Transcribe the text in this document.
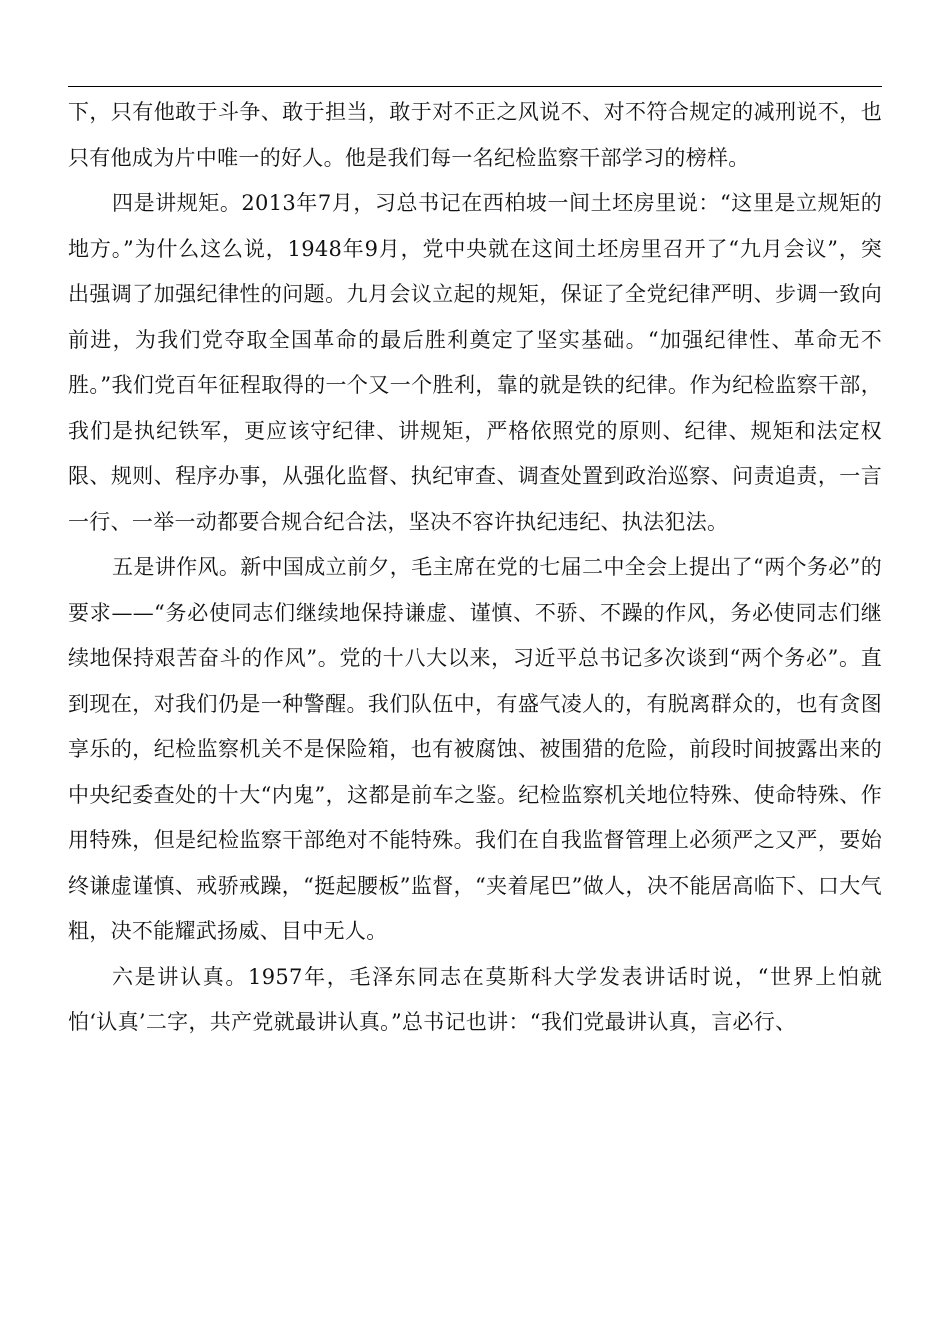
下，只有他敢于斗争、敢于担当，敢于对不正之风说不、对不符合规定的减刑说不，也只有他成为片中唯一的好人。他是我们每一名纪检监察干部学习的榜样。

四是讲规矩。2013年7月，习总书记在西柏坡一间土坯房里说：“这里是立规矩的地方。”为什么这么说，1948年9月，党中央就在这间土坯房里召开了“九月会议”，突出强调了加强纪律性的问题。九月会议立起的规矩，保证了全党纪律严明、步调一致向前进，为我们党夺取全国革命的最后胜利奠定了坚实基础。“加强纪律性、革命无不胜。”我们党百年征程取得的一个又一个胜利，靠的就是铁的纪律。作为纪检监察干部，我们是执纪铁军，更应该守纪律、讲规矩，严格依照党的原则、纪律、规矩和法定权限、规则、程序办事，从强化监督、执纪审查、调查处置到政治巡察、问责追责，一言一行、一举一动都要合规合纪合法，坚决不容许执纪违纪、执法犯法。

五是讲作风。新中国成立前夕，毛主席在党的七届二中全会上提出了“两个务必”的要求——“务必使同志们继续地保持谦虚、谨慎、不骄、不躁的作风，务必使同志们继续地保持艰苦奋斗的作风”。党的十八大以来，习近平总书记多次谈到“两个务必”。直到现在，对我们仍是一种警醒。我们队伍中，有盛气凌人的，有脱离群众的，也有贪图享乐的，纪检监察机关不是保险箱，也有被腐蚀、被围猎的危险，前段时间披露出来的中央纪委查处的十大“内鬼”，这都是前车之鉴。纪检监察机关地位特殊、使命特殊、作用特殊，但是纪检监察干部绝对不能特殊。我们在自我监督管理上必须严之又严，要始终谦虚谨慎、戒骄戒躁，“挺起腰板”监督，“夹着尾巴”做人，决不能居高临下、口大气粗，决不能耀武扬威、目中无人。

六是讲认真。1957年，毛泽东同志在莫斯科大学发表讲话时说，“世界上怕就怕‘认真’二字，共产党就最讲认真。”总书记也讲：“我们党最讲认真，言必行、
